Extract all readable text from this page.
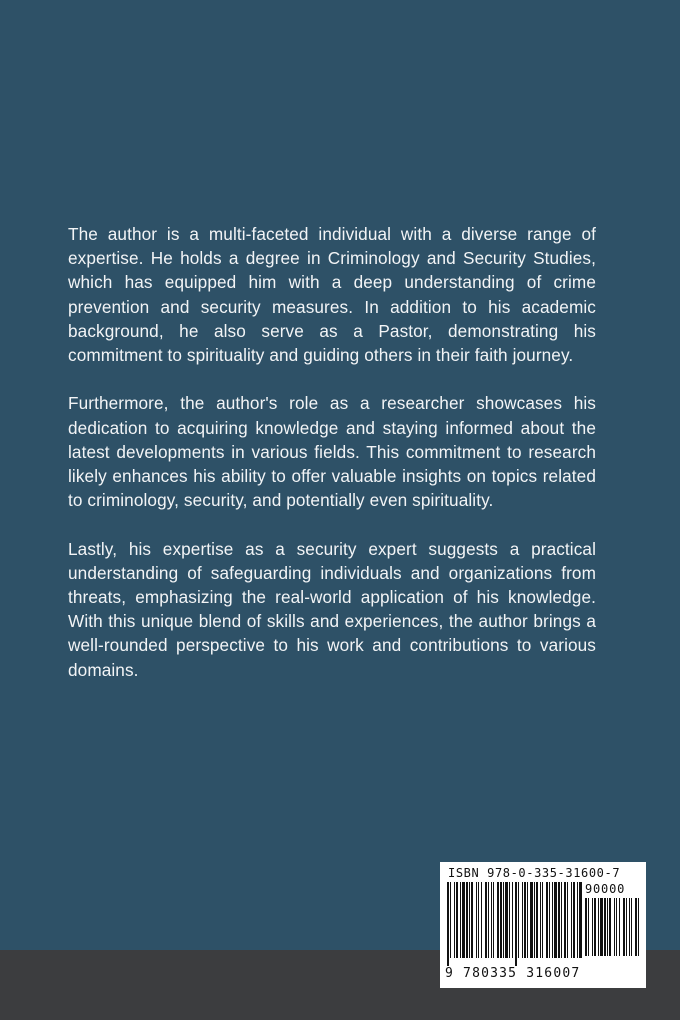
The author is a multi-faceted individual with a diverse range of expertise. He holds a degree in Criminology and Security Studies, which has equipped him with a deep understanding of crime prevention and security measures. In addition to his academic background, he also serve as a Pastor, demonstrating his commitment to spirituality and guiding others in their faith journey.

Furthermore, the author's role as a researcher showcases his dedication to acquiring knowledge and staying informed about the latest developments in various fields. This commitment to research likely enhances his ability to offer valuable insights on topics related to criminology, security, and potentially even spirituality.

Lastly, his expertise as a security expert suggests a practical understanding of safeguarding individuals and organizations from threats, emphasizing the real-world application of his knowledge. With this unique blend of skills and experiences, the author brings a well-rounded perspective to his work and contributions to various domains.

ISBN 978-0-335-31600-7
90000
9 780335 316007
